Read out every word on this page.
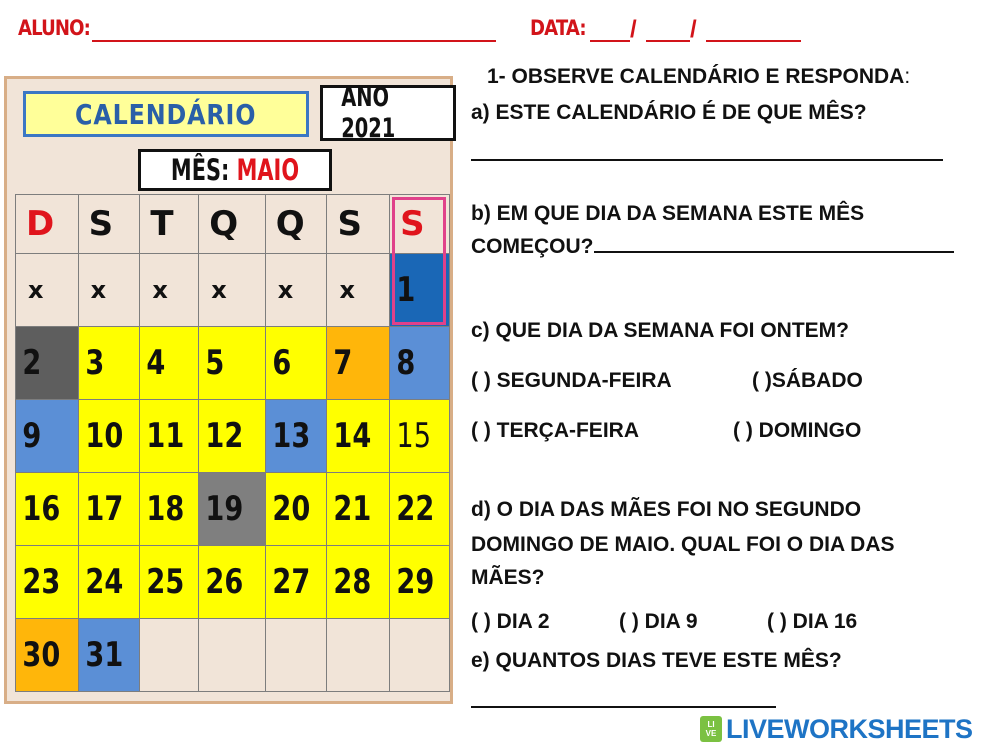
ALUNO:	DATA: / /
CALENDÁRIO	ANO 2021
MÊS: MAIO
D	S	T	Q	Q	S	S

x	x	x	x	x	x	1
2	3	4	5	6	7	8
9	10	11	12	13	14	15
16	17	18	19	20	21	22
23	24	25	26	27	28	29
30	31					
1- OBSERVE CALENDÁRIO E RESPONDA:
a) ESTE CALENDÁRIO É DE QUE MÊS?
b) EM QUE DIA DA SEMANA ESTE MÊS
COMEÇOU?
c) QUE DIA DA SEMANA FOI ONTEM?
( ) SEGUNDA-FEIRA	( )SÁBADO
( ) TERÇA-FEIRA	( ) DOMINGO
d) O DIA DAS MÃES FOI NO SEGUNDO
DOMINGO DE MAIO. QUAL FOI O DIA DAS
MÃES?
( ) DIA 2	( ) DIA 9	( ) DIA 16
e) QUANTOS DIAS TEVE ESTE MÊS?
LI
VE LIVEWORKSHEETS
